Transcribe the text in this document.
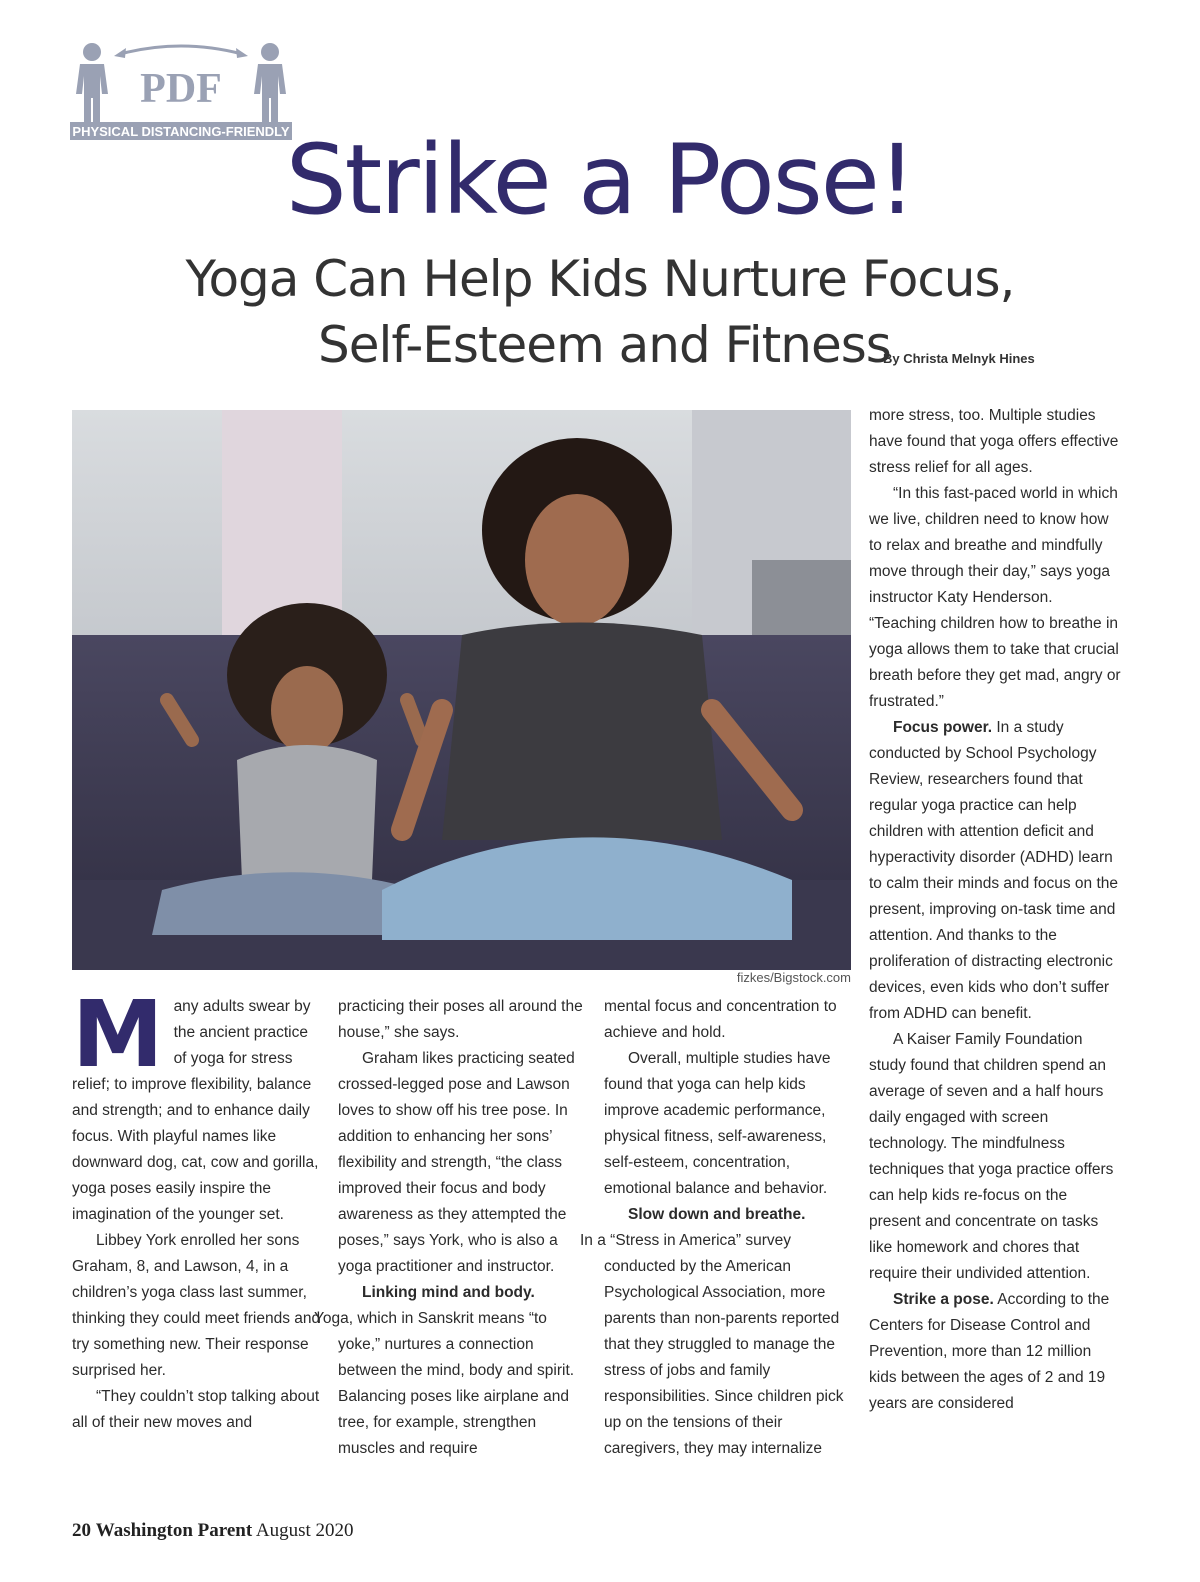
PDF
PHYSICAL DISTANCING-FRIENDLY
Strike a Pose!
Yoga Can Help Kids Nurture Focus,
Self-Esteem and Fitness
By Christa Melnyk Hines
fizkes/Bigstock.com

Many adults swear by the ancient practice of yoga for stress relief; to improve flexibility, balance and strength; and to enhance daily focus. With playful names like downward dog, cat, cow and gorilla, yoga poses easily inspire the imagination of the younger set.

Libbey York enrolled her sons Graham, 8, and Lawson, 4, in a children’s yoga class last summer, thinking they could meet friends and try something new. Their response surprised her.

“They couldn’t stop talking about all of their new moves and

practicing their poses all around the house,” she says.

Graham likes practicing seated crossed-legged pose and Lawson loves to show off his tree pose. In addition to enhancing her sons’ flexibility and strength, “the class improved their focus and body awareness as they attempted the poses,” says York, who is also a yoga practitioner and instructor.

Linking mind and body.
Yoga, which in Sanskrit means “to yoke,” nurtures a connection between the mind, body and spirit. Balancing poses like airplane and tree, for example, strengthen muscles and require

mental focus and concentration to achieve and hold.

Overall, multiple studies have found that yoga can help kids improve academic performance, physical fitness, self-awareness, self-esteem, concentration, emotional balance and behavior.

Slow down and breathe.
In a “Stress in America” survey conducted by the American Psychological Association, more parents than non-parents reported that they struggled to manage the stress of jobs and family responsibilities. Since children pick up on the tensions of their caregivers, they may internalize

more stress, too. Multiple studies have found that yoga offers effective stress relief for all ages.

“In this fast-paced world in which we live, children need to know how to relax and breathe and mindfully move through their day,” says yoga instructor Katy Henderson. “Teaching children how to breathe in yoga allows them to take that crucial breath before they get mad, angry or frustrated.”

Focus power. In a study conducted by School Psychology Review, researchers found that regular yoga practice can help children with attention deficit and hyperactivity disorder (ADHD) learn to calm their minds and focus on the present, improving on-task time and attention. And thanks to the proliferation of distracting electronic devices, even kids who don’t suffer from ADHD can benefit.

A Kaiser Family Foundation study found that children spend an average of seven and a half hours daily engaged with screen technology. The mindfulness techniques that yoga practice offers can help kids re-focus on the present and concentrate on tasks like homework and chores that require their undivided attention.

Strike a pose. According to the Centers for Disease Control and Prevention, more than 12 million kids between the ages of 2 and 19 years are considered

20 Washington Parent August 2020
